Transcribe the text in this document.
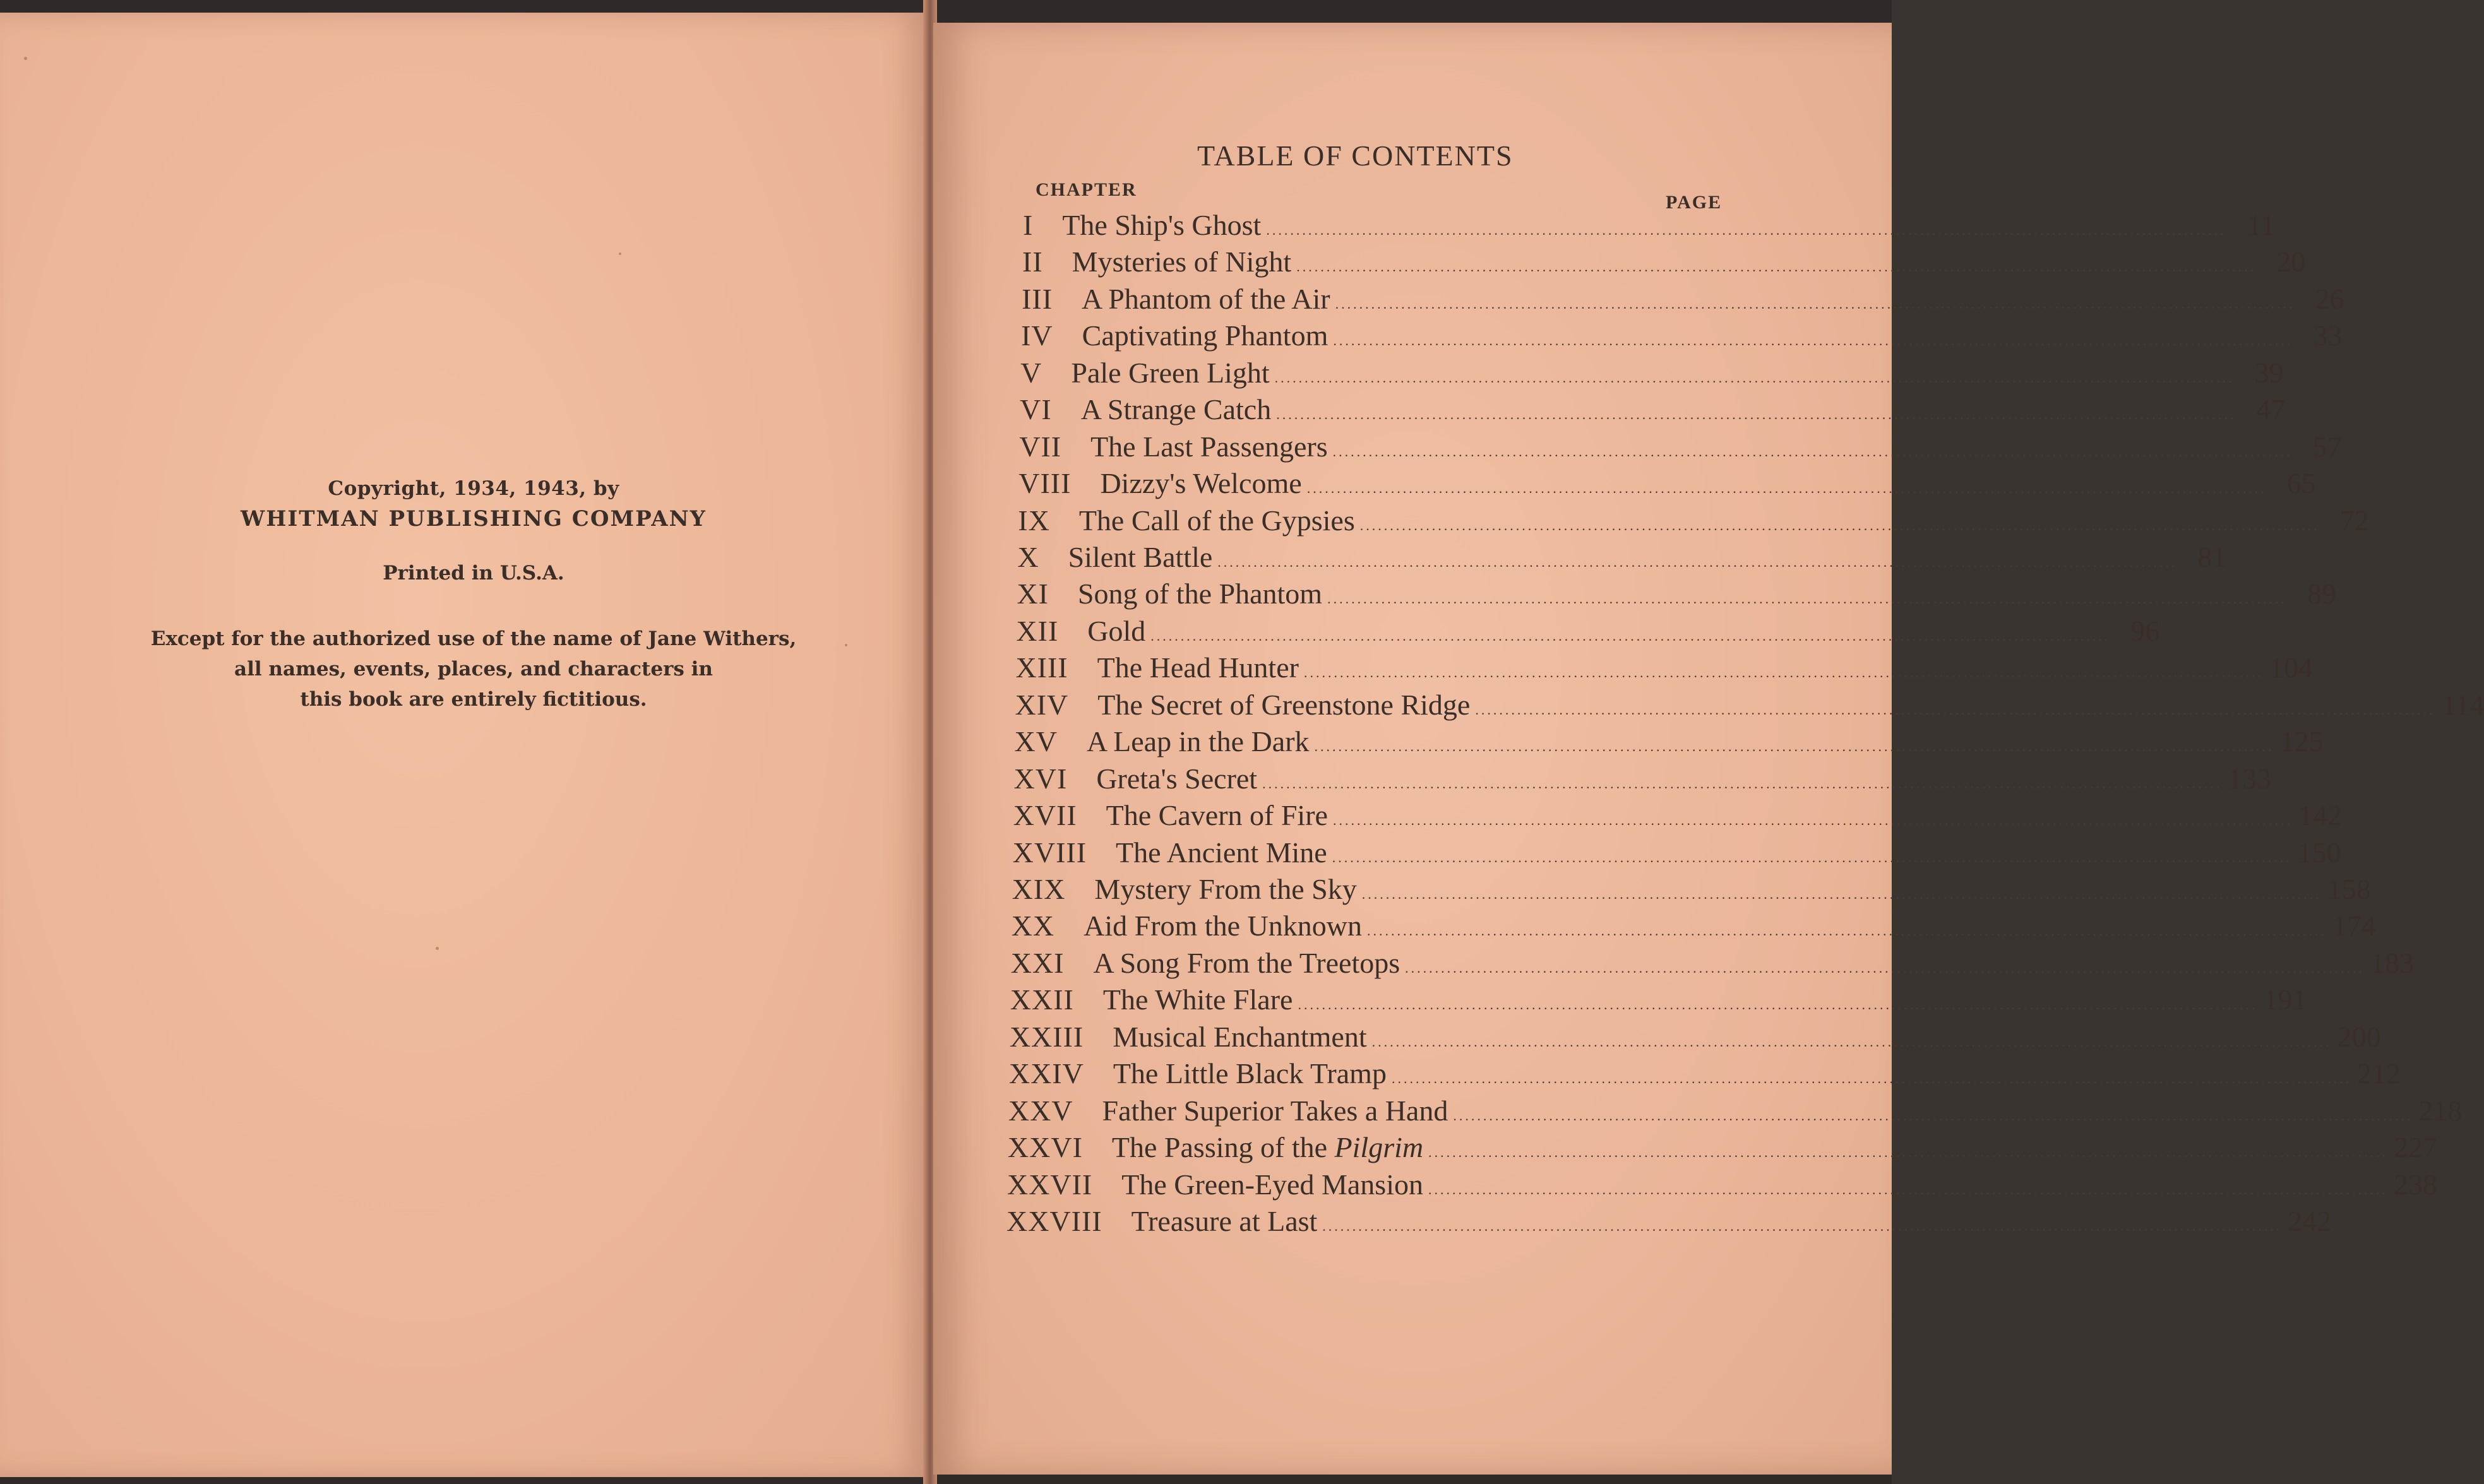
Copyright, 1934, 1943, by
WHITMAN PUBLISHING COMPANY
Printed in U.S.A.
Except for the authorized use of the name of Jane Withers,
all names, events, places, and characters in
this book are entirely fictitious.
TABLE OF CONTENTS
CHAPTER
PAGE
I	The Ship's Ghost ................................................................................................................................................................ 11
II	Mysteries of Night ................................................................................................................................................................ 20
III	A Phantom of the Air ................................................................................................................................................................ 26
IV	Captivating Phantom ................................................................................................................................................................ 33
V	Pale Green Light ................................................................................................................................................................ 39
VI	A Strange Catch ................................................................................................................................................................ 47
VII	The Last Passengers ................................................................................................................................................................ 57
VIII	Dizzy's Welcome ................................................................................................................................................................ 65
IX	The Call of the Gypsies ................................................................................................................................................................ 72
X	Silent Battle ................................................................................................................................................................ 81
XI	Song of the Phantom ................................................................................................................................................................ 89
XII	Gold ................................................................................................................................................................ 96
XIII	The Head Hunter ................................................................................................................................................................ 104
XIV	The Secret of Greenstone Ridge ................................................................................................................................................................ 114
XV	A Leap in the Dark ................................................................................................................................................................ 125
XVI	Greta's Secret ................................................................................................................................................................ 133
XVII	The Cavern of Fire ................................................................................................................................................................ 142
XVIII	The Ancient Mine ................................................................................................................................................................ 150
XIX	Mystery From the Sky ................................................................................................................................................................ 158
XX	Aid From the Unknown ................................................................................................................................................................ 174
XXI	A Song From the Treetops ................................................................................................................................................................ 183
XXII	The White Flare ................................................................................................................................................................ 191
XXIII	Musical Enchantment ................................................................................................................................................................ 200
XXIV	The Little Black Tramp ................................................................................................................................................................ 212
XXV	Father Superior Takes a Hand ................................................................................................................................................................ 218
XXVI	The Passing of the Pilgrim ................................................................................................................................................................ 227
XXVII	The Green-Eyed Mansion ................................................................................................................................................................ 238
XXVIII	Treasure at Last ................................................................................................................................................................ 242
